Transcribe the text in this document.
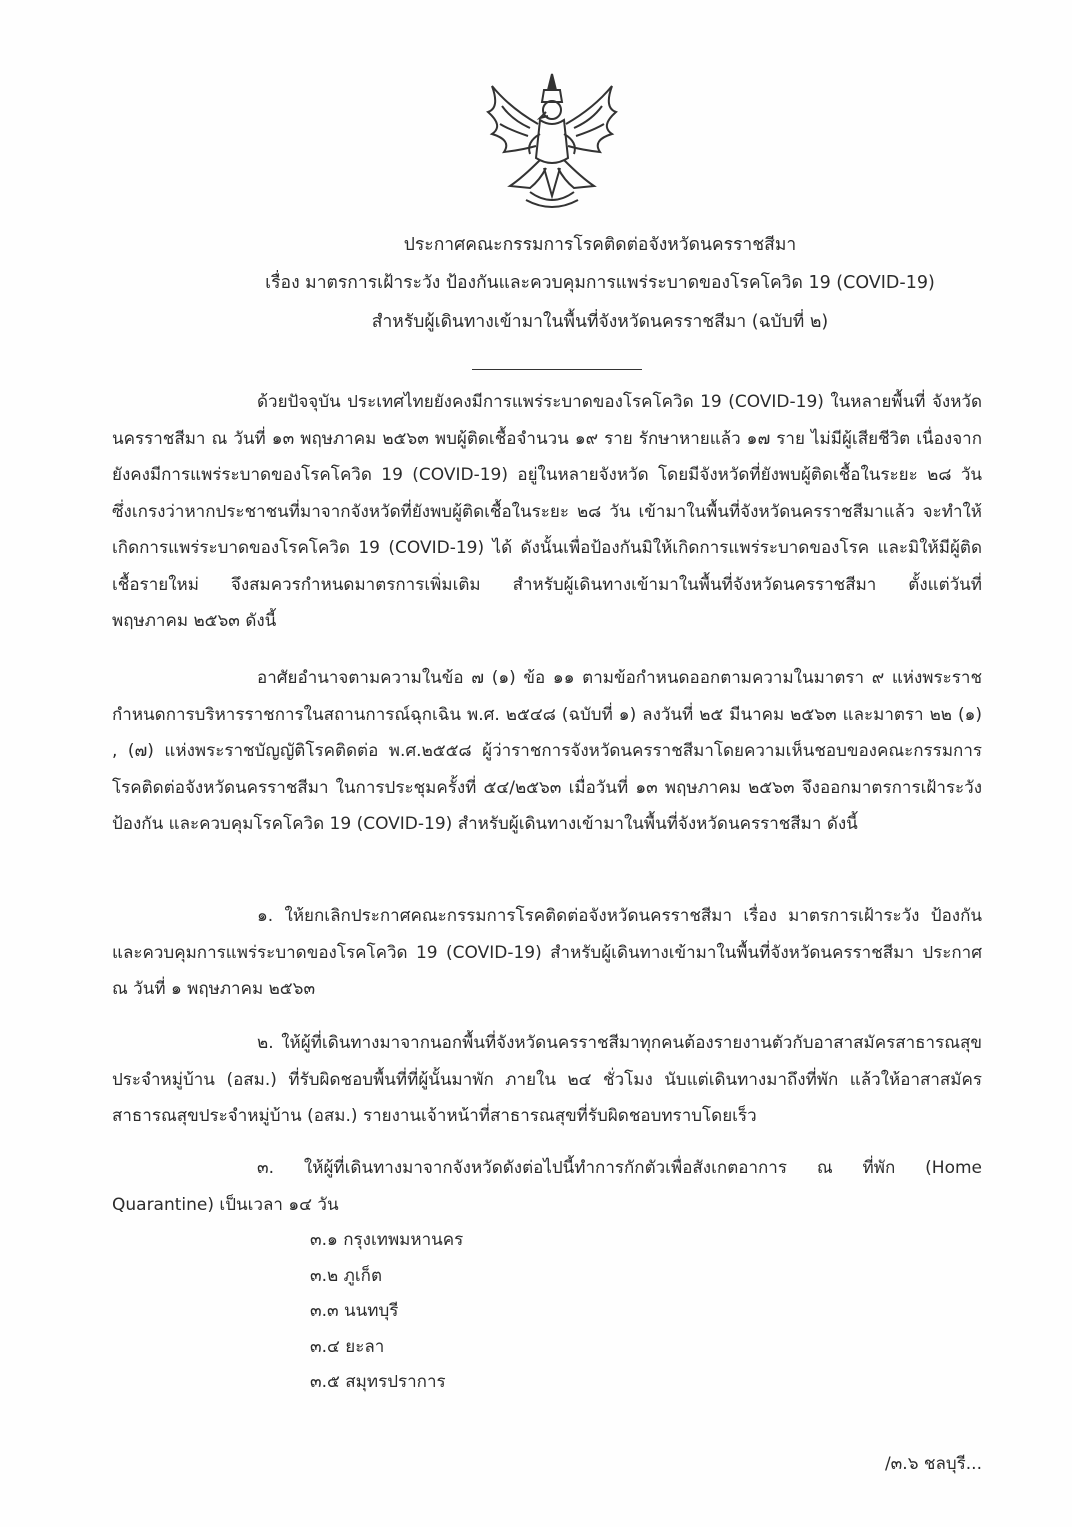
ประกาศคณะกรรมการโรคติดต่อจังหวัดนครราชสีมา
เรื่อง มาตรการเฝ้าระวัง ป้องกันและควบคุมการแพร่ระบาดของโรคโควิด 19 (COVID-19)
สำหรับผู้เดินทางเข้ามาในพื้นที่จังหวัดนครราชสีมา (ฉบับที่ ๒)

ด้วยปัจจุบัน ประเทศไทยยังคงมีการแพร่ระบาดของโรคโควิด 19 (COVID-19) ในหลายพื้นที่ จังหวัดนครราชสีมา ณ วันที่ ๑๓ พฤษภาคม ๒๕๖๓ พบผู้ติดเชื้อจำนวน ๑๙ ราย รักษาหายแล้ว ๑๗ ราย ไม่มีผู้เสียชีวิต เนื่องจากยังคงมีการแพร่ระบาดของโรคโควิด 19 (COVID-19) อยู่ในหลายจังหวัด โดยมีจังหวัดที่ยังพบผู้ติดเชื้อในระยะ ๒๘ วัน ซึ่งเกรงว่าหากประชาชนที่มาจากจังหวัดที่ยังพบผู้ติดเชื้อในระยะ ๒๘ วัน เข้ามาในพื้นที่จังหวัดนครราชสีมาแล้ว จะทำให้เกิดการแพร่ระบาดของโรคโควิด 19 (COVID-19) ได้ ดังนั้นเพื่อป้องกันมิให้เกิดการแพร่ระบาดของโรค และมิให้มีผู้ติดเชื้อรายใหม่ จึงสมควรกำหนดมาตรการเพิ่มเติม สำหรับผู้เดินทางเข้ามาในพื้นที่จังหวัดนครราชสีมา ตั้งแต่วันที่ พฤษภาคม ๒๕๖๓ ดังนี้

อาศัยอำนาจตามความในข้อ ๗ (๑) ข้อ ๑๑ ตามข้อกำหนดออกตามความในมาตรา ๙ แห่งพระราชกำหนดการบริหารราชการในสถานการณ์ฉุกเฉิน พ.ศ. ๒๕๔๘ (ฉบับที่ ๑) ลงวันที่ ๒๕ มีนาคม ๒๕๖๓ และมาตรา ๒๒ (๑) , (๗) แห่งพระราชบัญญัติโรคติดต่อ พ.ศ.๒๕๕๘ ผู้ว่าราชการจังหวัดนครราชสีมาโดยความเห็นชอบของคณะกรรมการโรคติดต่อจังหวัดนครราชสีมา ในการประชุมครั้งที่ ๕๔/๒๕๖๓ เมื่อวันที่ ๑๓ พฤษภาคม ๒๕๖๓ จึงออกมาตรการเฝ้าระวัง ป้องกัน และควบคุมโรคโควิด 19 (COVID-19) สำหรับผู้เดินทางเข้ามาในพื้นที่จังหวัดนครราชสีมา ดังนี้

๑. ให้ยกเลิกประกาศคณะกรรมการโรคติดต่อจังหวัดนครราชสีมา เรื่อง มาตรการเฝ้าระวัง ป้องกันและควบคุมการแพร่ระบาดของโรคโควิด 19 (COVID-19) สำหรับผู้เดินทางเข้ามาในพื้นที่จังหวัดนครราชสีมา ประกาศ ณ วันที่ ๑ พฤษภาคม ๒๕๖๓

๒. ให้ผู้ที่เดินทางมาจากนอกพื้นที่จังหวัดนครราชสีมาทุกคนต้องรายงานตัวกับอาสาสมัครสาธารณสุขประจำหมู่บ้าน (อสม.) ที่รับผิดชอบพื้นที่ที่ผู้นั้นมาพัก ภายใน ๒๔ ชั่วโมง นับแต่เดินทางมาถึงที่พัก แล้วให้อาสาสมัครสาธารณสุขประจำหมู่บ้าน (อสม.) รายงานเจ้าหน้าที่สาธารณสุขที่รับผิดชอบทราบโดยเร็ว

๓. ให้ผู้ที่เดินทางมาจากจังหวัดดังต่อไปนี้ทำการกักตัวเพื่อสังเกตอาการ ณ ที่พัก (Home Quarantine) เป็นเวลา ๑๔ วัน

๓.๑ กรุงเทพมหานคร
๓.๒ ภูเก็ต
๓.๓ นนทบุรี
๓.๔ ยะลา
๓.๕ สมุทรปราการ
/๓.๖ ชลบุรี...
